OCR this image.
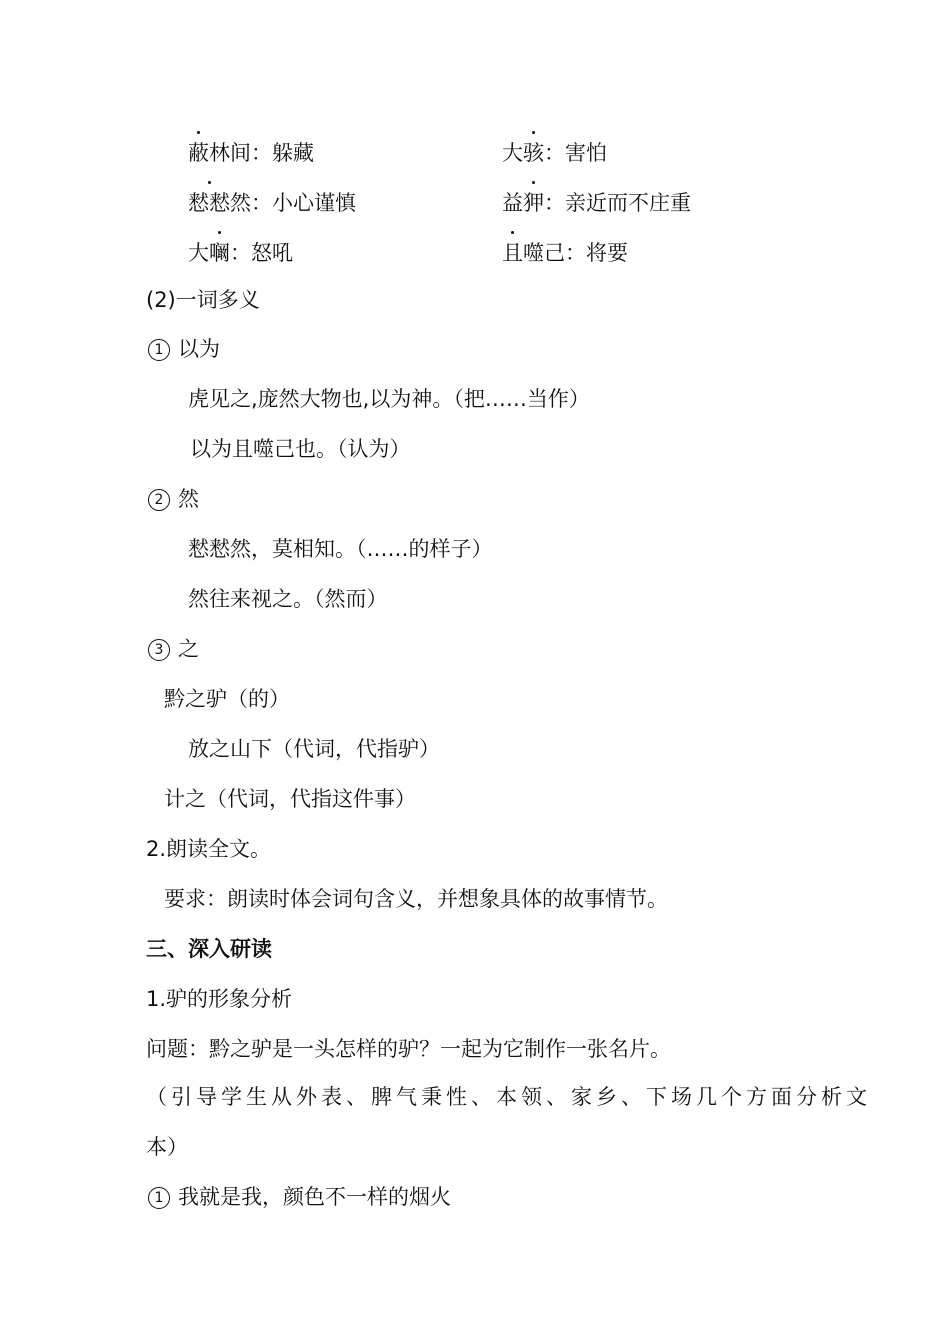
蔽林间：躲藏	大骇：害怕
慭慭然：小心谨慎	益狎：亲近而不庄重
大㘎：怒吼	且噬己：将要
(2)一词多义
1 以为
虎见之,庞然大物也,以为神。（把……当作）
以为且噬己也。（认为）
2 然
慭慭然，莫相知。（……的样子）
然往来视之。（然而）
3 之
黔之驴（的）
放之山下（代词，代指驴）
计之（代词，代指这件事）
2.朗读全文。
要求：朗读时体会词句含义，并想象具体的故事情节。
三、深入研读
1.驴的形象分析
问题：黔之驴是一头怎样的驴？一起为它制作一张名片。
（引导学生从外表、脾气秉性、本领、家乡、下场几个方面分析文
本）
1 我就是我，颜色不一样的烟火
